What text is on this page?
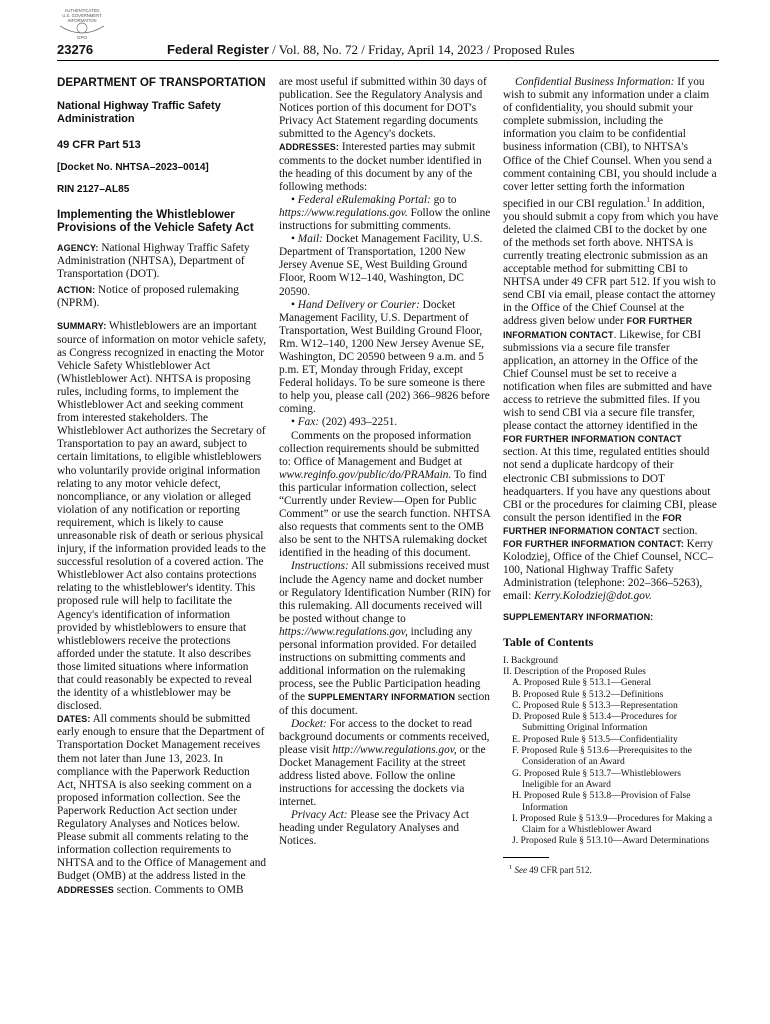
AUTHENTICATED
U.S. GOVERNMENT
INFORMATION
GPO
23276	Federal Register / Vol. 88, No. 72 / Friday, April 14, 2023 / Proposed Rules

DEPARTMENT OF TRANSPORTATION

National Highway Traffic Safety Administration

49 CFR Part 513

[Docket No. NHTSA–2023–0014]

RIN 2127–AL85

Implementing the Whistleblower Provisions of the Vehicle Safety Act

AGENCY: National Highway Traffic Safety Administration (NHTSA), Department of Transportation (DOT).

ACTION: Notice of proposed rulemaking (NPRM).

SUMMARY: Whistleblowers are an important source of information on motor vehicle safety, as Congress recognized in enacting the Motor Vehicle Safety Whistleblower Act (Whistleblower Act). NHTSA is proposing rules, including forms, to implement the Whistleblower Act and seeking comment from interested stakeholders. The Whistleblower Act authorizes the Secretary of Transportation to pay an award, subject to certain limitations, to eligible whistleblowers who voluntarily provide original information relating to any motor vehicle defect, noncompliance, or any violation or alleged violation of any notification or reporting requirement, which is likely to cause unreasonable risk of death or serious physical injury, if the information provided leads to the successful resolution of a covered action. The Whistleblower Act also contains protections relating to the whistleblower's identity. This proposed rule will help to facilitate the Agency's identification of information provided by whistleblowers to ensure that whistleblowers receive the protections afforded under the statute. It also describes those limited situations where information that could reasonably be expected to reveal the identity of a whistleblower may be disclosed.

DATES: All comments should be submitted early enough to ensure that the Department of Transportation Docket Management receives them not later than June 13, 2023. In compliance with the Paperwork Reduction Act, NHTSA is also seeking comment on a proposed information collection. See the Paperwork Reduction Act section under Regulatory Analyses and Notices below. Please submit all comments relating to the information collection requirements to NHTSA and to the Office of Management and Budget (OMB) at the address listed in the ADDRESSES section. Comments to OMB

are most useful if submitted within 30 days of publication. See the Regulatory Analysis and Notices portion of this document for DOT's Privacy Act Statement regarding documents submitted to the Agency's dockets.

ADDRESSES: Interested parties may submit comments to the docket number identified in the heading of this document by any of the following methods:

• Federal eRulemaking Portal: go to https://www.regulations.gov. Follow the online instructions for submitting comments.

• Mail: Docket Management Facility, U.S. Department of Transportation, 1200 New Jersey Avenue SE, West Building Ground Floor, Room W12–140, Washington, DC 20590.

• Hand Delivery or Courier: Docket Management Facility, U.S. Department of Transportation, West Building Ground Floor, Rm. W12–140, 1200 New Jersey Avenue SE, Washington, DC 20590 between 9 a.m. and 5 p.m. ET, Monday through Friday, except Federal holidays. To be sure someone is there to help you, please call (202) 366–9826 before coming.

• Fax: (202) 493–2251.

Comments on the proposed information collection requirements should be submitted to: Office of Management and Budget at www.reginfo.gov/public/do/PRAMain. To find this particular information collection, select “Currently under Review—Open for Public Comment” or use the search function. NHTSA also requests that comments sent to the OMB also be sent to the NHTSA rulemaking docket identified in the heading of this document.

Instructions: All submissions received must include the Agency name and docket number or Regulatory Identification Number (RIN) for this rulemaking. All documents received will be posted without change to https://www.regulations.gov, including any personal information provided. For detailed instructions on submitting comments and additional information on the rulemaking process, see the Public Participation heading of the SUPPLEMENTARY INFORMATION section of this document.

Docket: For access to the docket to read background documents or comments received, please visit http://www.regulations.gov, or the Docket Management Facility at the street address listed above. Follow the online instructions for accessing the dockets via internet.

Privacy Act: Please see the Privacy Act heading under Regulatory Analyses and Notices.

Confidential Business Information: If you wish to submit any information under a claim of confidentiality, you should submit your complete submission, including the information you claim to be confidential business information (CBI), to NHTSA's Office of the Chief Counsel. When you send a comment containing CBI, you should include a cover letter setting forth the information specified in our CBI regulation.$^1$ In addition, you should submit a copy from which you have deleted the claimed CBI to the docket by one of the methods set forth above. NHTSA is currently treating electronic submission as an acceptable method for submitting CBI to NHTSA under 49 CFR part 512. If you wish to send CBI via email, please contact the attorney in the Office of the Chief Counsel at the address given below under FOR FURTHER INFORMATION CONTACT. Likewise, for CBI submissions via a secure file transfer application, an attorney in the Office of the Chief Counsel must be set to receive a notification when files are submitted and have access to retrieve the submitted files. If you wish to send CBI via a secure file transfer, please contact the attorney identified in the FOR FURTHER INFORMATION CONTACT section. At this time, regulated entities should not send a duplicate hardcopy of their electronic CBI submissions to DOT headquarters. If you have any questions about CBI or the procedures for claiming CBI, please consult the person identified in the FOR FURTHER INFORMATION CONTACT section.

FOR FURTHER INFORMATION CONTACT: Kerry Kolodziej, Office of the Chief Counsel, NCC–100, National Highway Traffic Safety Administration (telephone: 202–366–5263), email: Kerry.Kolodziej@dot.gov.

SUPPLEMENTARY INFORMATION:

Table of Contents
I. Background
II. Description of the Proposed Rules
A. Proposed Rule § 513.1—General
B. Proposed Rule § 513.2—Definitions
C. Proposed Rule § 513.3—Representation
D. Proposed Rule § 513.4—Procedures for Submitting Original Information
E. Proposed Rule § 513.5—Confidentiality
F. Proposed Rule § 513.6—Prerequisites to the Consideration of an Award
G. Proposed Rule § 513.7—Whistleblowers Ineligible for an Award
H. Proposed Rule § 513.8—Provision of False Information
I. Proposed Rule § 513.9—Procedures for Making a Claim for a Whistleblower Award
J. Proposed Rule § 513.10—Award Determinations
$^1$ See 49 CFR part 512.
